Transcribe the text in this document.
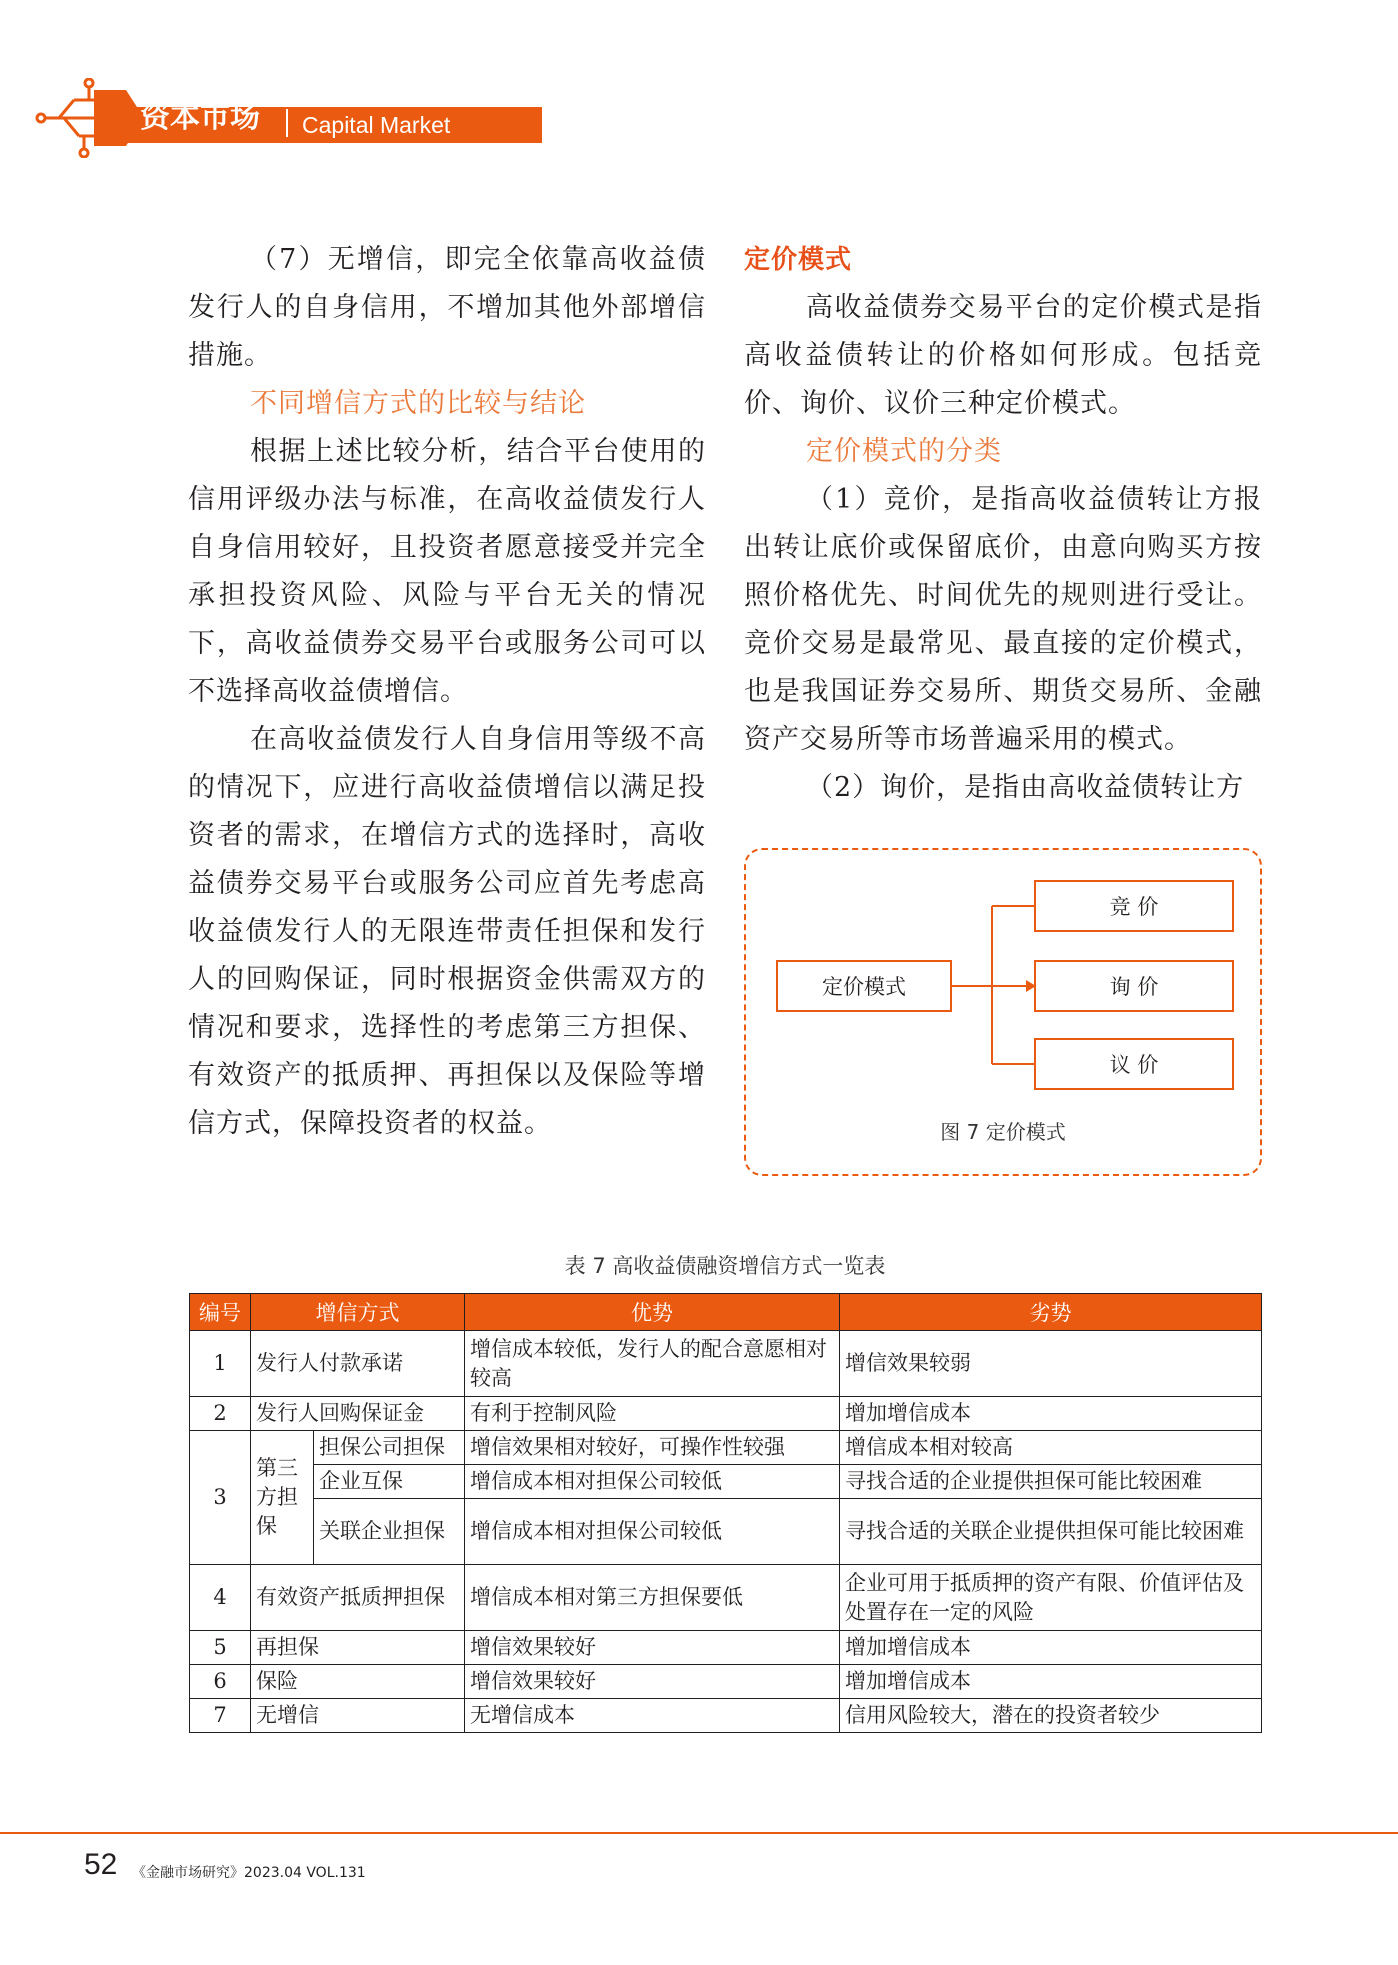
资本市场 Capital Market

（7）无增信，即完全依靠高收益债发行人的自身信用，不增加其他外部增信措施。

不同增信方式的比较与结论

根据上述比较分析，结合平台使用的信用评级办法与标准，在高收益债发行人自身信用较好，且投资者愿意接受并完全承担投资风险、风险与平台无关的情况下，高收益债券交易平台或服务公司可以不选择高收益债增信。

在高收益债发行人自身信用等级不高的情况下，应进行高收益债增信以满足投资者的需求，在增信方式的选择时，高收益债券交易平台或服务公司应首先考虑高收益债发行人的无限连带责任担保和发行人的回购保证，同时根据资金供需双方的情况和要求，选择性的考虑第三方担保、有效资产的抵质押、再担保以及保险等增信方式，保障投资者的权益。

定价模式

高收益债券交易平台的定价模式是指高收益债转让的价格如何形成。包括竞价、询价、议价三种定价模式。

定价模式的分类

（1）竞价，是指高收益债转让方报出转让底价或保留底价，由意向购买方按照价格优先、时间优先的规则进行受让。竞价交易是最常见、最直接的定价模式，也是我国证券交易所、期货交易所、金融资产交易所等市场普遍采用的模式。

（2）询价，是指由高收益债转让方

定价模式
竞 价
询 价
议 价
图 7 定价模式
表 7 高收益债融资增信方式一览表
编号	增信方式		优势	劣势
1	发行人付款承诺		增信成本较低，发行人的配合意愿相对较高	增信效果较弱
2	发行人回购保证金		有利于控制风险	增加增信成本
3	第三方担保	担保公司担保	增信效果相对较好，可操作性较强	增信成本相对较高
		企业互保	增信成本相对担保公司较低	寻找合适的企业提供担保可能比较困难
		关联企业担保	增信成本相对担保公司较低	寻找合适的关联企业提供担保可能比较困难
4	有效资产抵质押担保		增信成本相对第三方担保要低	企业可用于抵质押的资产有限、价值评估及处置存在一定的风险
5	再担保		增信效果较好	增加增信成本
6	保险		增信效果较好	增加增信成本
7	无增信		无增信成本	信用风险较大，潜在的投资者较少
52 《金融市场研究》2023.04 VOL.131
